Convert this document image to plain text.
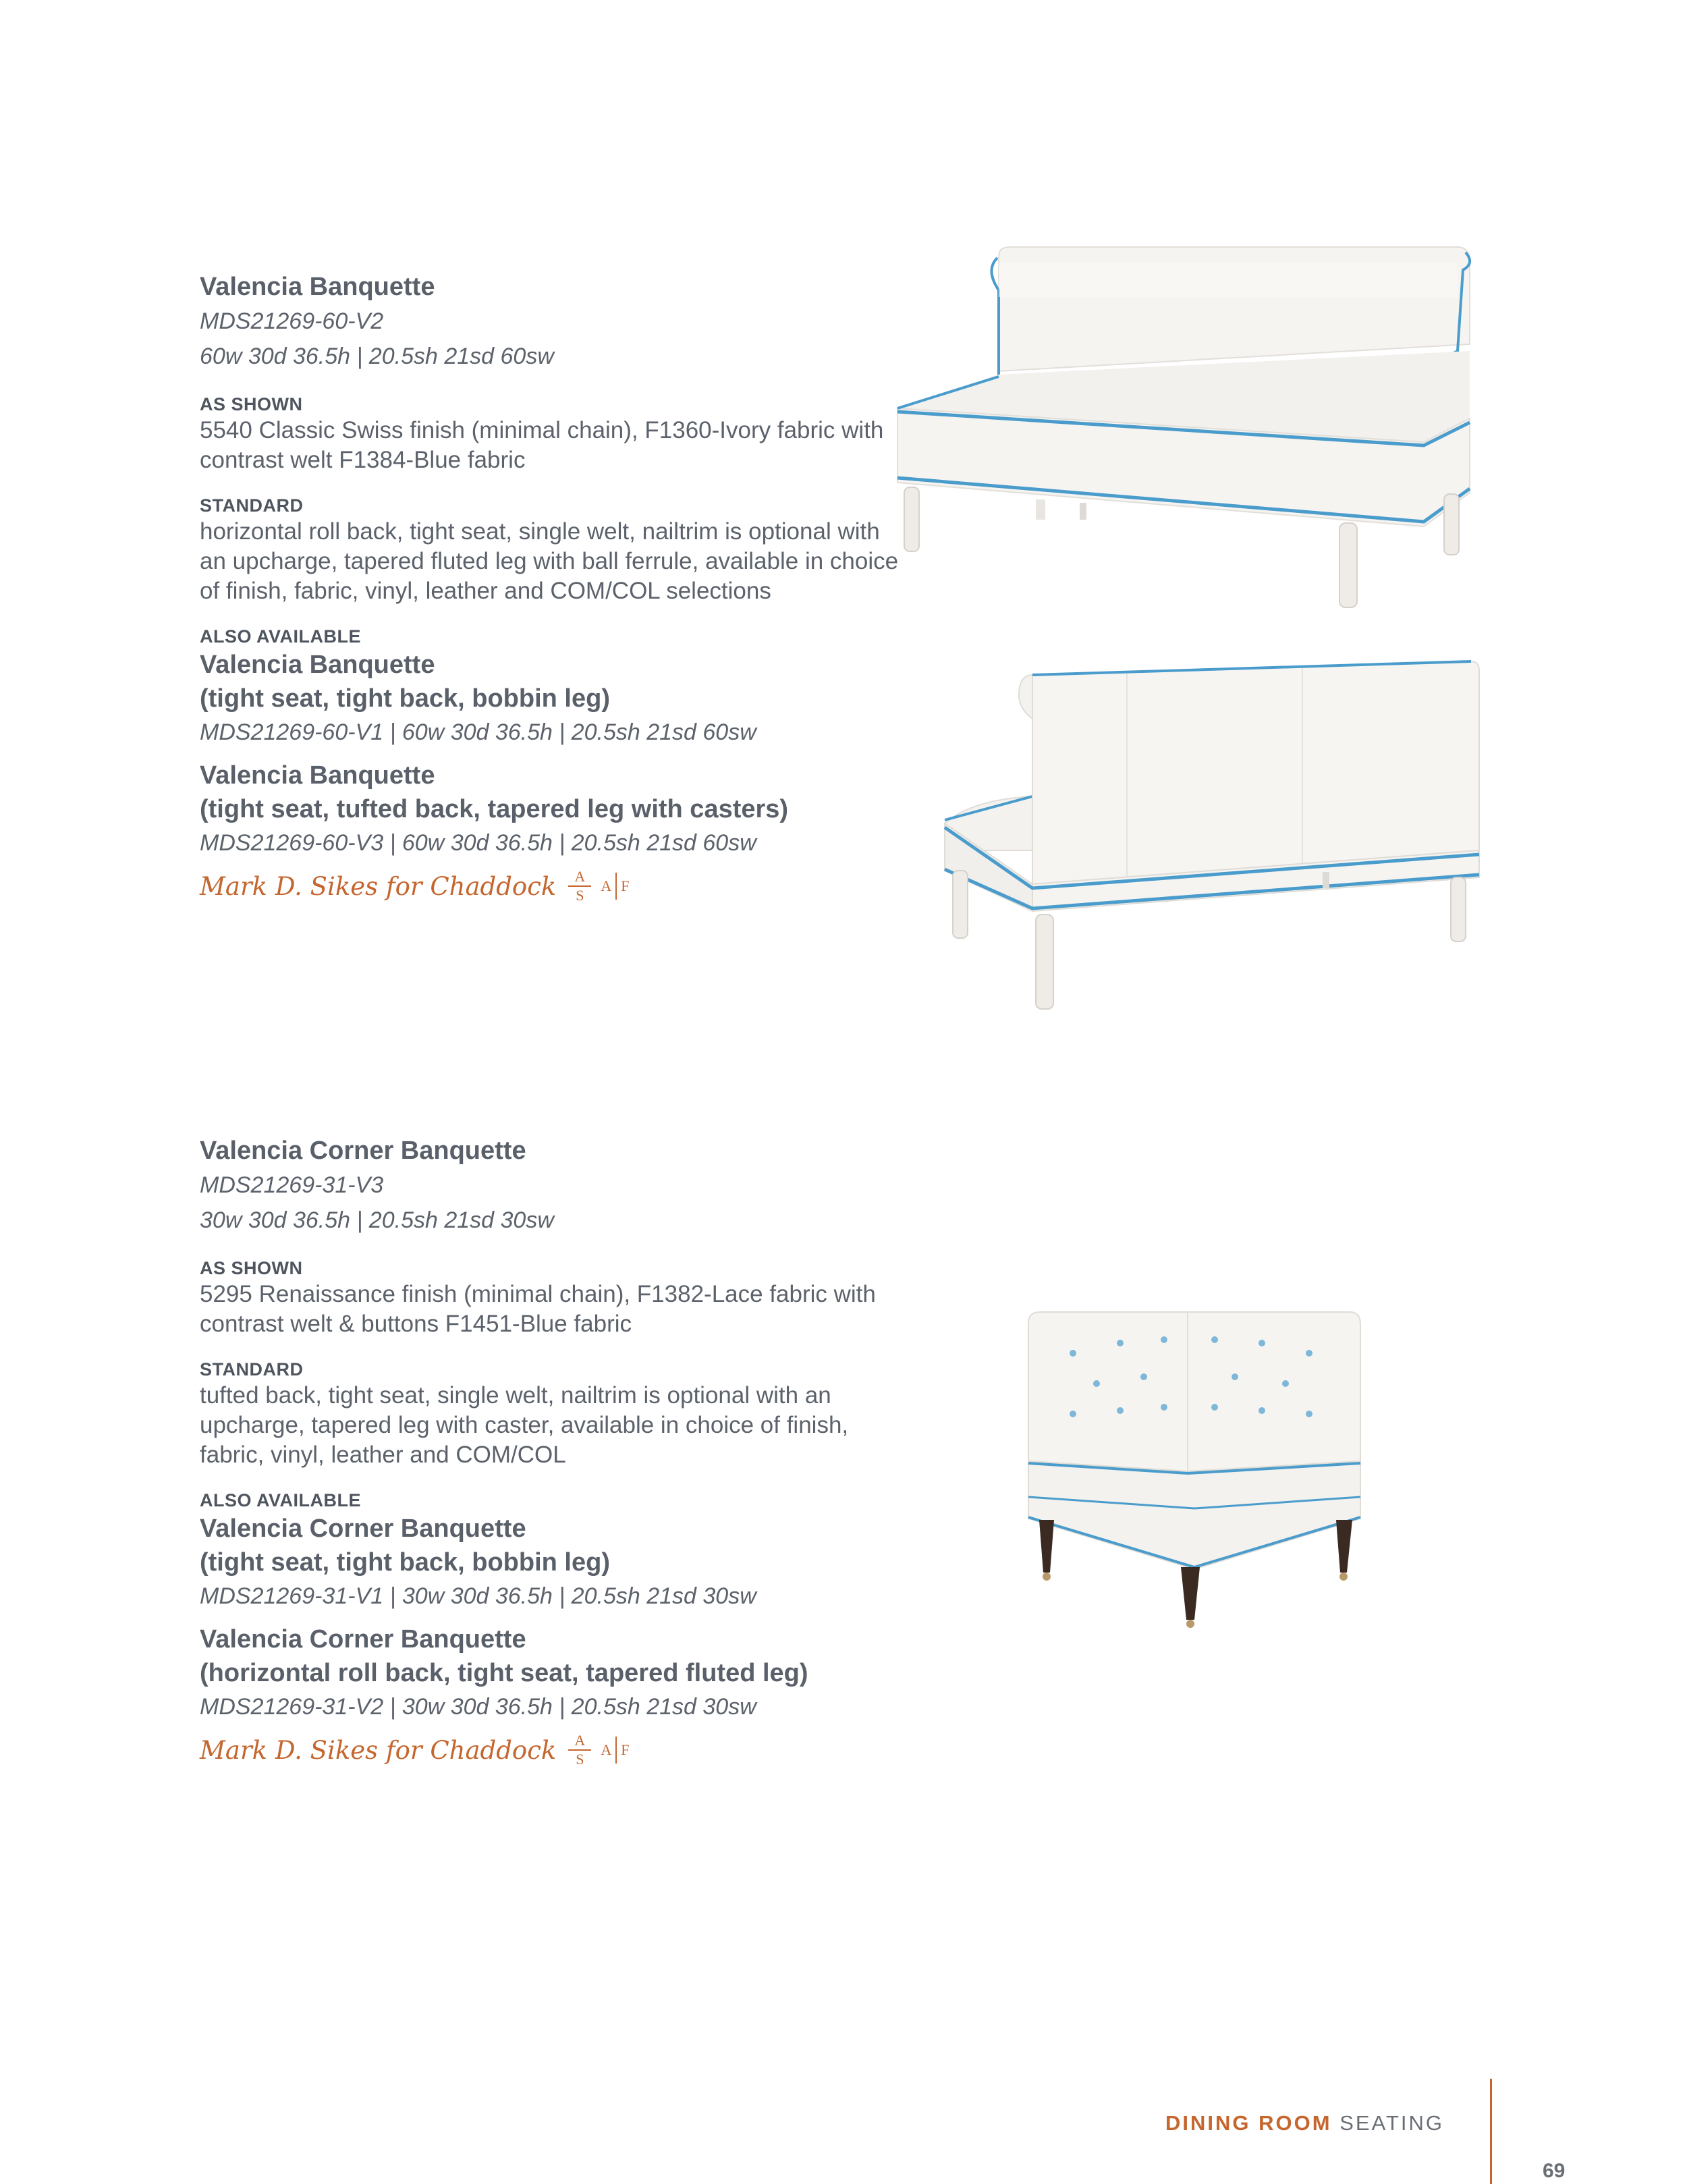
Valencia Banquette

MDS21269-60-V2

60w 30d 36.5h | 20.5sh 21sd 60sw

AS SHOWN

5540 Classic Swiss finish (minimal chain), F1360-Ivory fabric with contrast welt F1384-Blue fabric

STANDARD

horizontal roll back, tight seat, single welt, nailtrim is optional with an upcharge, tapered fluted leg with ball ferrule, available in choice of finish, fabric, vinyl, leather and COM/COL selections

ALSO AVAILABLE

Valencia Banquette

(tight seat, tight back, bobbin leg)

MDS21269-60-V1 | 60w 30d 36.5h | 20.5sh 21sd 60sw

Valencia Banquette

(tight seat, tufted back, tapered leg with casters)

MDS21269-60-V3 | 60w 30d 36.5h | 20.5sh 21sd 60sw

Mark D. Sikes for Chaddock A
S
A F
Valencia Corner Banquette

MDS21269-31-V3

30w 30d 36.5h | 20.5sh 21sd 30sw

AS SHOWN

5295 Renaissance finish (minimal chain), F1382-Lace fabric with contrast welt & buttons F1451-Blue fabric

STANDARD

tufted back, tight seat, single welt, nailtrim is optional with an upcharge, tapered leg with caster, available in choice of finish, fabric, vinyl, leather and COM/COL

ALSO AVAILABLE

Valencia Corner Banquette

(tight seat, tight back, bobbin leg)

MDS21269-31-V1 | 30w 30d 36.5h | 20.5sh 21sd 30sw

Valencia Corner Banquette

(horizontal roll back, tight seat, tapered fluted leg)

MDS21269-31-V2 | 30w 30d 36.5h | 20.5sh 21sd 30sw

Mark D. Sikes for Chaddock A
S
A F
DINING ROOM SEATING
69
